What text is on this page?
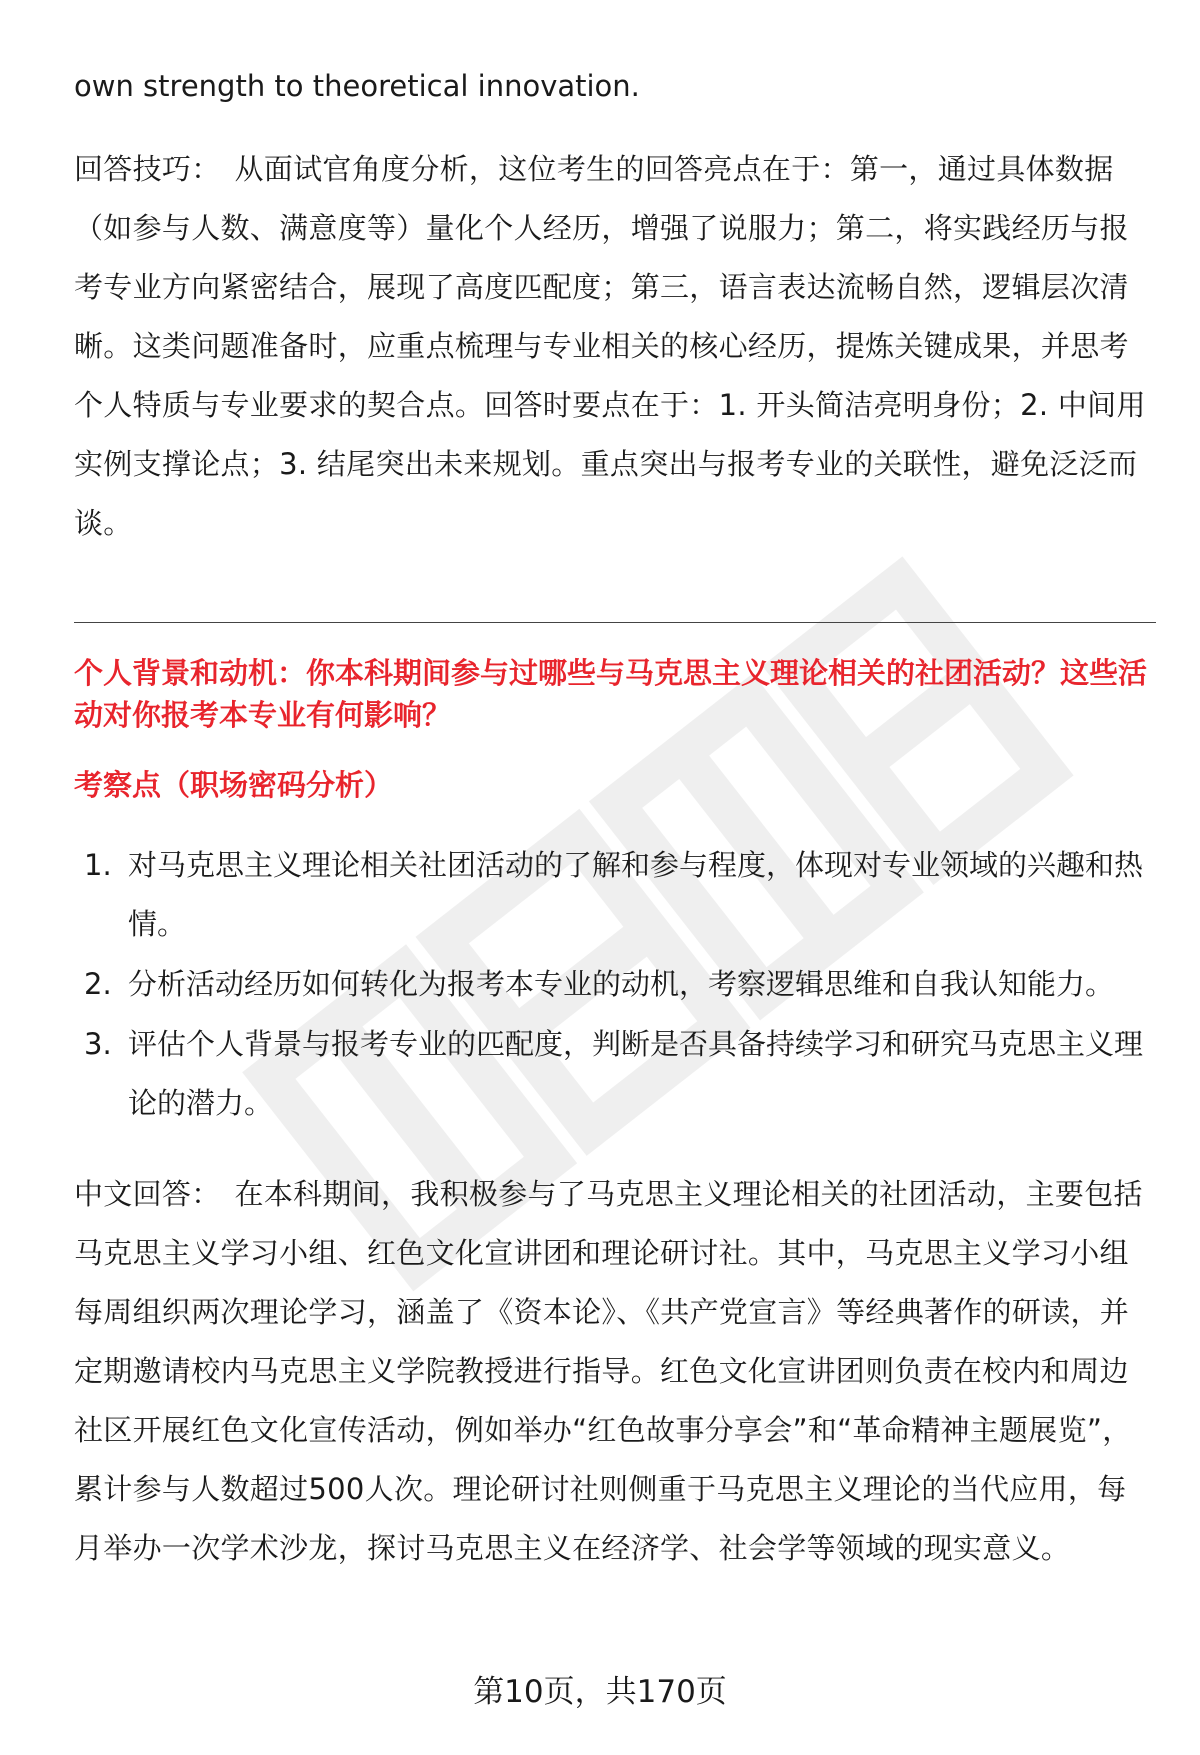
own strength to theoretical innovation.

回答技巧： 从面试官角度分析，这位考生的回答亮点在于：第一，通过具体数据（如参与人数、满意度等）量化个人经历，增强了说服力；第二，将实践经历与报考专业方向紧密结合，展现了高度匹配度；第三，语言表达流畅自然，逻辑层次清晰。这类问题准备时，应重点梳理与专业相关的核心经历，提炼关键成果，并思考个人特质与专业要求的契合点。回答时要点在于：1. 开头简洁亮明身份；2. 中间用实例支撑论点；3. 结尾突出未来规划。重点突出与报考专业的关联性，避免泛泛而谈。

个人背景和动机：你本科期间参与过哪些与马克思主义理论相关的社团活动？这些活动对你报考本专业有何影响？

考察点（职场密码分析）

1. 对马克思主义理论相关社团活动的了解和参与程度，体现对专业领域的兴趣和热情。
2. 分析活动经历如何转化为报考本专业的动机，考察逻辑思维和自我认知能力。
3. 评估个人背景与报考专业的匹配度，判断是否具备持续学习和研究马克思主义理论的潜力。

中文回答： 在本科期间，我积极参与了马克思主义理论相关的社团活动，主要包括马克思主义学习小组、红色文化宣讲团和理论研讨社。其中，马克思主义学习小组每周组织两次理论学习，涵盖了《资本论》、《共产党宣言》等经典著作的研读，并定期邀请校内马克思主义学院教授进行指导。红色文化宣讲团则负责在校内和周边社区开展红色文化宣传活动，例如举办“红色故事分享会”和“革命精神主题展览”，累计参与人数超过500人次。理论研讨社则侧重于马克思主义理论的当代应用，每月举办一次学术沙龙，探讨马克思主义在经济学、社会学等领域的现实意义。

第10页，共170页
